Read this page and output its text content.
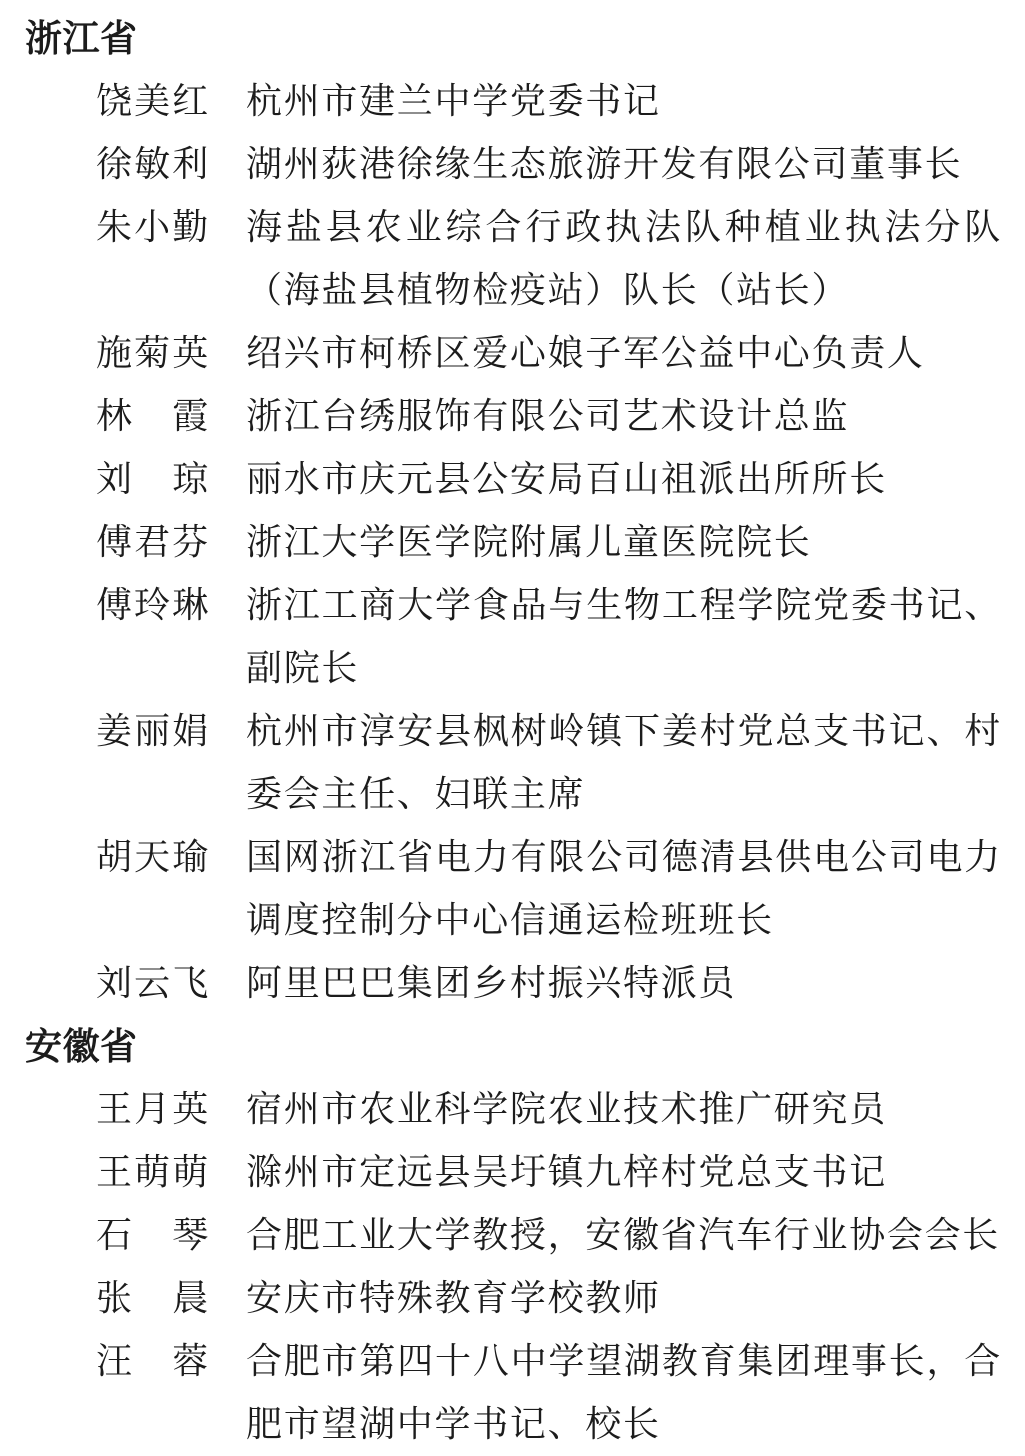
浙江省
饶美红 杭州市建兰中学党委书记
徐敏利 湖州荻港徐缘生态旅游开发有限公司董事长
朱小勤 海盐县农业综合行政执法队种植业执法分队（海盐县植物检疫站）队长（站长）
施菊英 绍兴市柯桥区爱心娘子军公益中心负责人
林霞 浙江台绣服饰有限公司艺术设计总监
刘琼 丽水市庆元县公安局百山祖派出所所长
傅君芬 浙江大学医学院附属儿童医院院长
傅玲琳 浙江工商大学食品与生物工程学院党委书记、副院长
姜丽娟 杭州市淳安县枫树岭镇下姜村党总支书记、村委会主任、妇联主席
胡天瑜 国网浙江省电力有限公司德清县供电公司电力调度控制分中心信通运检班班长
刘云飞 阿里巴巴集团乡村振兴特派员
安徽省
王月英 宿州市农业科学院农业技术推广研究员
王萌萌 滁州市定远县吴圩镇九梓村党总支书记
石琴 合肥工业大学教授，安徽省汽车行业协会会长
张晨 安庆市特殊教育学校教师
汪蓉 合肥市第四十八中学望湖教育集团理事长，合肥市望湖中学书记、校长
